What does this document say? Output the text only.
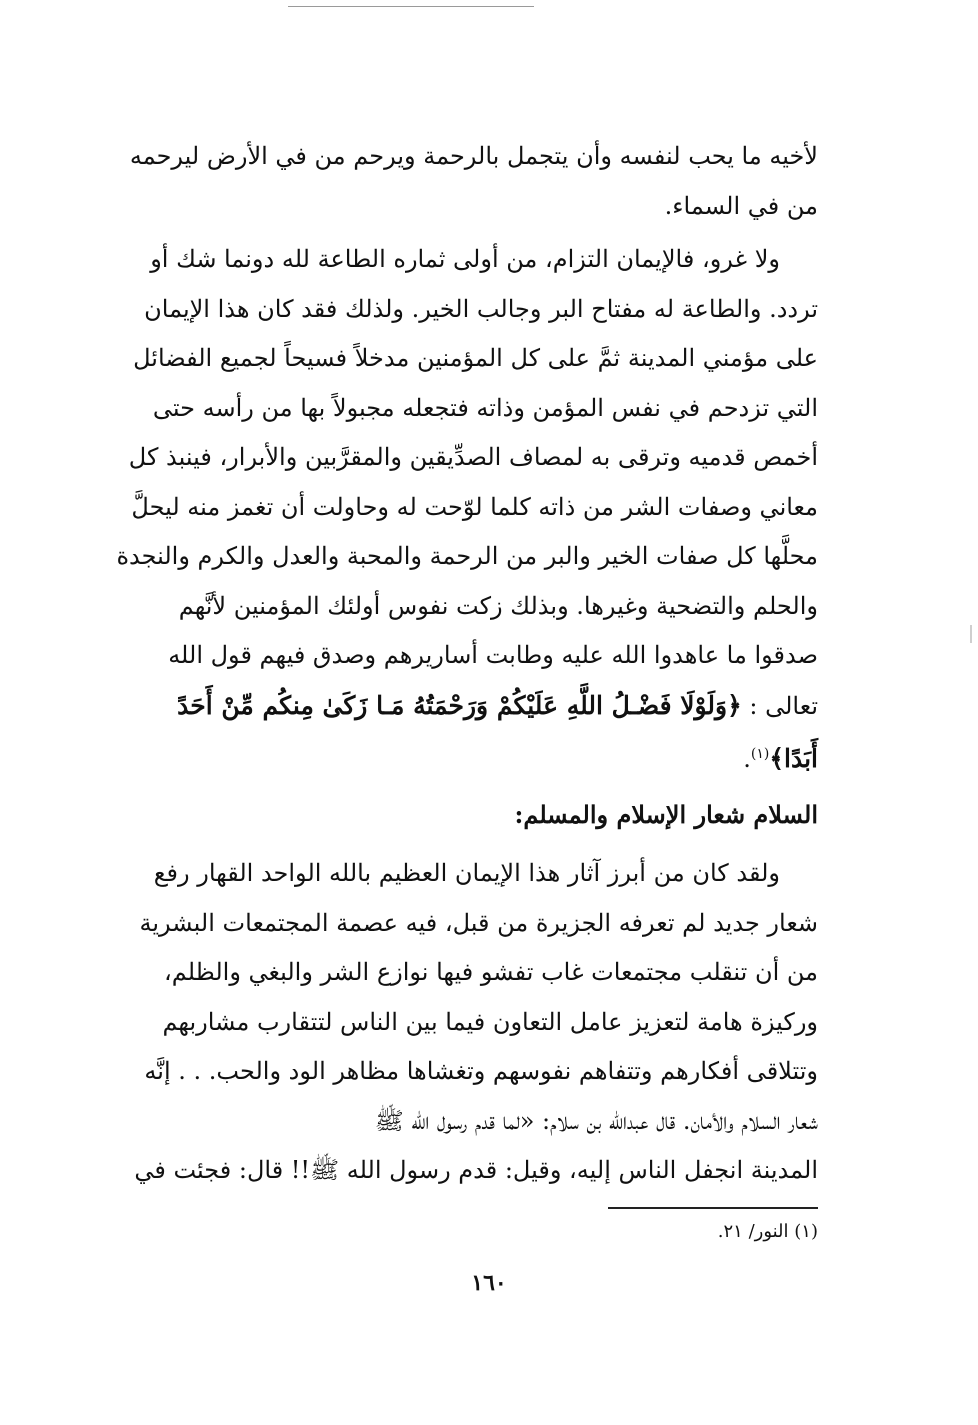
لأخيه ما يحب لنفسه وأن يتجمل بالرحمة ويرحم من في الأرض ليرحمه
من في السماء.
ولا غرو، فالإيمان التزام، من أولى ثماره الطاعة لله دونما شك أو
تردد. والطاعة له مفتاح البر وجالب الخير. ولذلك فقد كان هذا الإيمان
على مؤمني المدينة ثمَّ على كل المؤمنين مدخلاً فسيحاً لجميع الفضائل
التي تزدحم في نفس المؤمن وذاته فتجعله مجبولاً بها من رأسه حتى
أخمص قدميه وترقى به لمصاف الصدِّيقين والمقرَّبين والأبرار، فينبذ كل
معاني وصفات الشر من ذاته كلما لوّحت له وحاولت أن تغمز منه ليحلَّ
محلَّها كل صفات الخير والبر من الرحمة والمحبة والعدل والكرم والنجدة
والحلم والتضحية وغيرها. وبذلك زكت نفوس أولئك المؤمنين لأنَّهم
صدقوا ما عاهدوا الله عليه وطابت أساريرهم وصدق فيهم قول الله
تعالى : ﴿وَلَوْلَا فَضْـلُ اللَّهِ عَلَيْكُمْ وَرَحْمَتُهُ مَـا زَكَىٰ مِنكُم مِّنْ أَحَدً
أَبَدًا﴾$^{(١)}$.
السلام شعار الإسلام والمسلم:
ولقد كان من أبرز آثار هذا الإيمان العظيم بالله الواحد القهار رفع
شعار جديد لم تعرفه الجزيرة من قبل، فيه عصمة المجتمعات البشرية
من أن تنقلب مجتمعات غاب تفشو فيها نوازع الشر والبغي والظلم،
وركيزة هامة لتعزيز عامل التعاون فيما بين الناس لتتقارب مشاربهم
وتتلاقى أفكارهم وتتفاهم نفوسهم وتغشاها مظاهر الود والحب. . . إنَّه
شعار السلام والأمان. قال عبدالله بن سلام: «لما قدم رسول الله ﷺ
المدينة انجفل الناس إليه، وقيل: قدم رسول الله ﷺ!! قال: فجئت في
(١) النور/ ٢١.
١٦٠
